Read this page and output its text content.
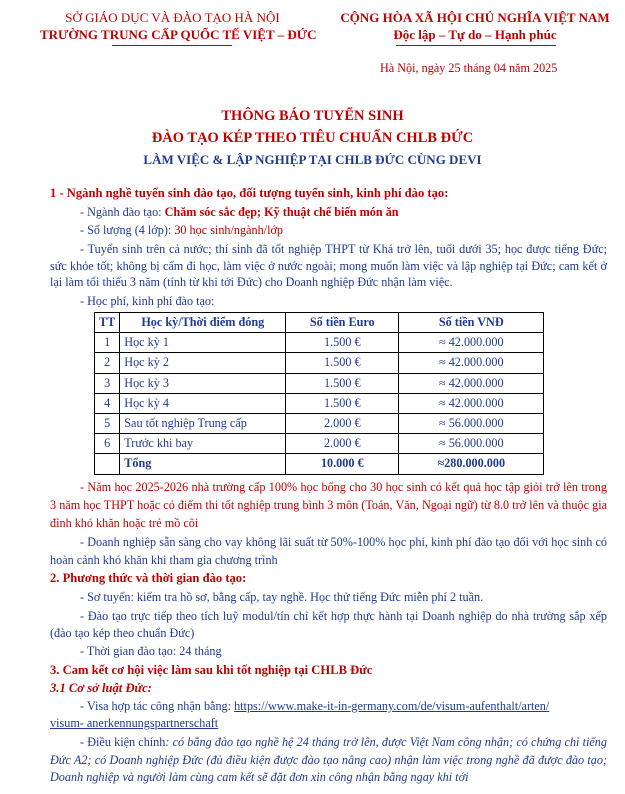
SỞ GIÁO DỤC VÀ ĐÀO TẠO HÀ NỘI
TRƯỜNG TRUNG CẤP QUỐC TẾ VIỆT – ĐỨC
CỘNG HÒA XÃ HỘI CHỦ NGHĨA VIỆT NAM
Độc lập – Tự do – Hạnh phúc
Hà Nội, ngày 25 tháng 04 năm 2025
THÔNG BÁO TUYỂN SINH
ĐÀO TẠO KÉP THEO TIÊU CHUẨN CHLB ĐỨC
LÀM VIỆC & LẬP NGHIỆP TẠI CHLB ĐỨC CÙNG DEVI
1 - Ngành nghề tuyển sinh đào tạo, đối tượng tuyển sinh, kinh phí đào tạo:
- Ngành đào tạo: Chăm sóc sắc đẹp; Kỹ thuật chế biến món ăn
- Số lượng (4 lớp): 30 học sinh/ngành/lớp
- Tuyển sinh trên cả nước; thí sinh đã tốt nghiệp THPT từ Khá trở lên, tuổi dưới 35; học được tiếng Đức; sức khỏe tốt; không bị cấm đi học, làm việc ở nước ngoài; mong muốn làm việc và lập nghiệp tại Đức; cam kết ở lại làm tối thiểu 3 năm (tính từ khi tới Đức) cho Doanh nghiệp Đức nhận làm việc.
- Học phí, kinh phí đào tạo:
TT	Học kỳ/Thời điểm đóng	Số tiền Euro	Số tiền VNĐ
1	Học kỳ 1	1.500 €	≈ 42.000.000
2	Học kỳ 2	1.500 €	≈ 42.000.000
3	Học kỳ 3	1.500 €	≈ 42.000.000
4	Học kỳ 4	1.500 €	≈ 42.000.000
5	Sau tốt nghiệp Trung cấp	2.000 €	≈ 56.000.000
6	Trước khi bay	2.000 €	≈ 56.000.000
	Tổng	10.000 €	≈280.000.000
- Năm học 2025-2026 nhà trường cấp 100% học bổng cho 30 học sinh có kết quả học tập giỏi trở lên trong 3 năm học THPT hoặc có điểm thi tốt nghiệp trung bình 3 môn (Toán, Văn, Ngoại ngữ) từ 8.0 trở lên và thuộc gia đình khó khăn hoặc trẻ mồ côi
- Doanh nghiệp sẵn sàng cho vay không lãi suất từ 50%-100% học phí, kinh phí đào tạo đối với học sinh có hoàn cảnh khó khăn khi tham gia chương trình
2. Phương thức và thời gian đào tạo:
- Sơ tuyển: kiểm tra hồ sơ, bằng cấp, tay nghề. Học thử tiếng Đức miễn phí 2 tuần.
- Đào tạo trực tiếp theo tích luỹ modul/tín chỉ kết hợp thực hành tại Doanh nghiệp do nhà trường sắp xếp (đào tạo kép theo chuẩn Đức)
- Thời gian đào tạo: 24 tháng
3. Cam kết cơ hội việc làm sau khi tốt nghiệp tại CHLB Đức
3.1 Cơ sở luật Đức:
- Visa hợp tác công nhận bằng: https://www.make-it-in-germany.com/de/visum-aufenthalt/arten/
visum- anerkennungspartnerschaft
- Điều kiện chính: có bằng đào tạo nghề hệ 24 tháng trở lên, được Việt Nam công nhận; có chứng chỉ tiếng Đức A2; có Doanh nghiệp Đức (đủ điều kiện được đào tạo nâng cao) nhận làm việc trong nghề đã được đào tạo; Doanh nghiệp và người làm cùng cam kết sẽ đặt đơn xin công nhận bằng ngay khi tới
